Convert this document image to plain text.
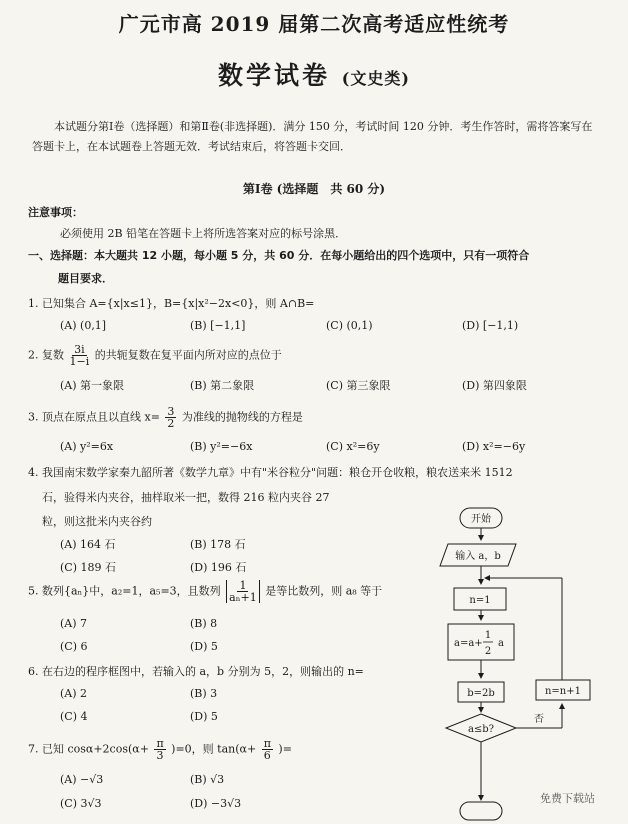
广元市高 2019 届第二次高考适应性统考
数学试卷 (文史类)
本试题分第Ⅰ卷（选择题）和第Ⅱ卷(非选择题)．满分 150 分，考试时间 120 分钟．考生作答时，需将答案写在答题卡上，在本试题卷上答题无效．考试结束后，将答题卡交回．
第Ⅰ卷 (选择题　共 60 分)
注意事项：
必须使用 2B 铅笔在答题卡上将所选答案对应的标号涂黑．
一、选择题：本大题共 12 小题，每小题 5 分，共 60 分．在每小题给出的四个选项中，只有一项符合
题目要求．
1. 已知集合 A={x|x≤1}，B={x|x²−2x<0}，则 A∩B=
(A) (0,1]	(B) [−1,1]	(C) (0,1)	(D) [−1,1)
2. 复数 $\frac{3i}{1-i}$ 的共轭复数在复平面内所对应的点位于
(A) 第一象限	(B) 第二象限	(C) 第三象限	(D) 第四象限
3. 顶点在原点且以直线 $x= \frac{3}{2}$ 为准线的抛物线的方程是
(A) y²=6x	(B) y²=−6x	(C) x²=6y	(D) x²=−6y
4. 我国南宋数学家秦九韶所著《数学九章》中有"米谷粒分"问题：粮仓开仓收粮，粮农送来米 1512
石，验得米内夹谷，抽样取米一把，数得 216 粒内夹谷 27
粒，则这批米内夹谷约
(A) 164 石	(B) 178 石
(C) 189 石	(D) 196 石
5. 数列{aₙ}中，a₂=1，a₅=3，且数列 $\frac{1}{\text{aₙ+1}}$ 是等比数列，则 a₈ 等于
(A) 7	(B) 8
(C) 6	(D) 5
6. 在右边的程序框图中，若输入的 a，b 分别为 5，2，则输出的 n=
(A) 2	(B) 3
(C) 4	(D) 5
7. 已知 $\cos\alpha+2\cos(\alpha+ \frac{\pi}{3} )=0$，则 $\tan(\alpha+ \frac{\pi}{6}$ )=
(A) −√3	(B) √3
(C) 3√3	(D) −3√3
开始
输入 a，b
n=1
a=a+
1
2
a
b=2b	n=n+1
a≤b?
否
免费下载站
